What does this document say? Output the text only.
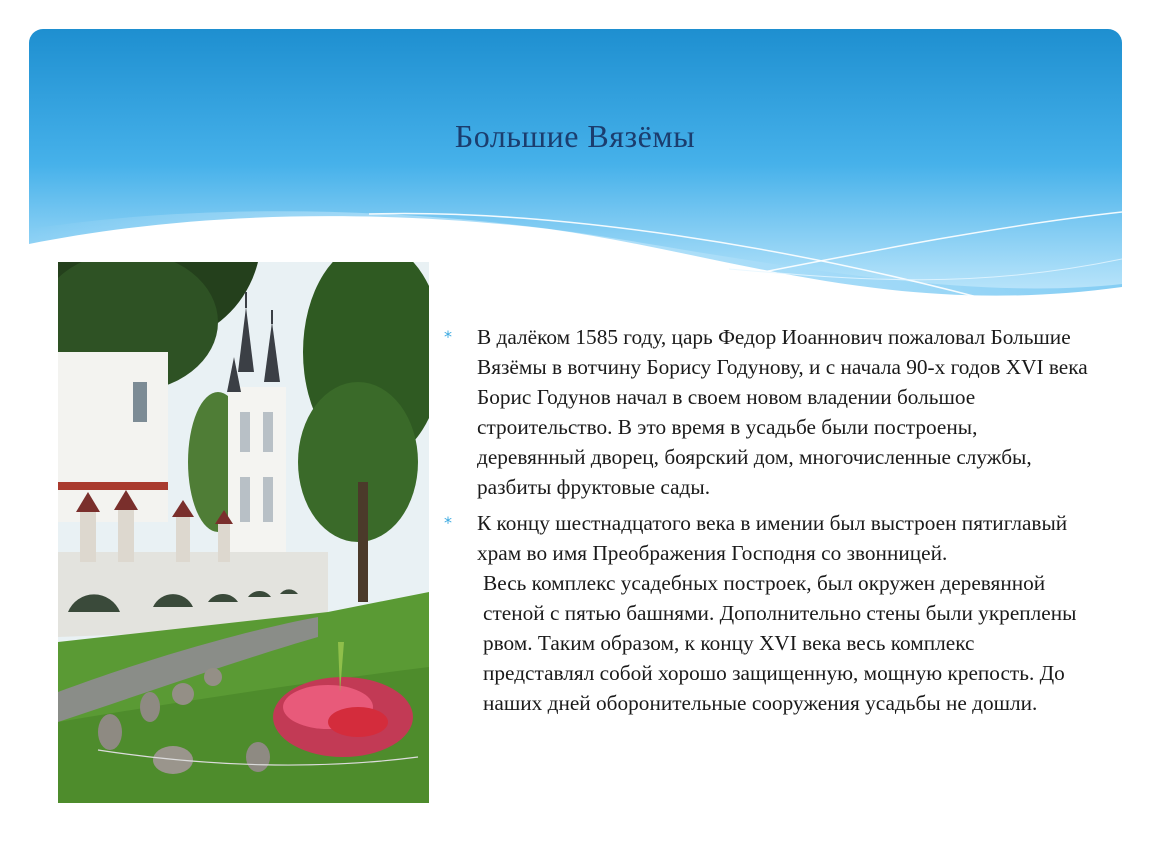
Большие Вязёмы
* В далёком 1585 году, царь Федор Иоаннович пожаловал Большие Вязёмы в вотчину Борису Годунову, и с начала 90-х годов XVI века Борис Годунов начал в своем новом владении большое строительство. В это время в усадьбе были построены, деревянный дворец, боярский дом, многочисленные службы, разбиты фруктовые сады.
* К концу шестнадцатого века в имении был выстроен пятиглавый храм во имя Преображения Господня со звонницей.
Весь комплекс усадебных построек, был окружен деревянной стеной с пятью башнями. Дополнительно стены были укреплены рвом. Таким образом, к концу XVI века весь комплекс представлял собой хорошо защищенную, мощную крепость. До наших дней оборонительные сооружения усадьбы не дошли.
